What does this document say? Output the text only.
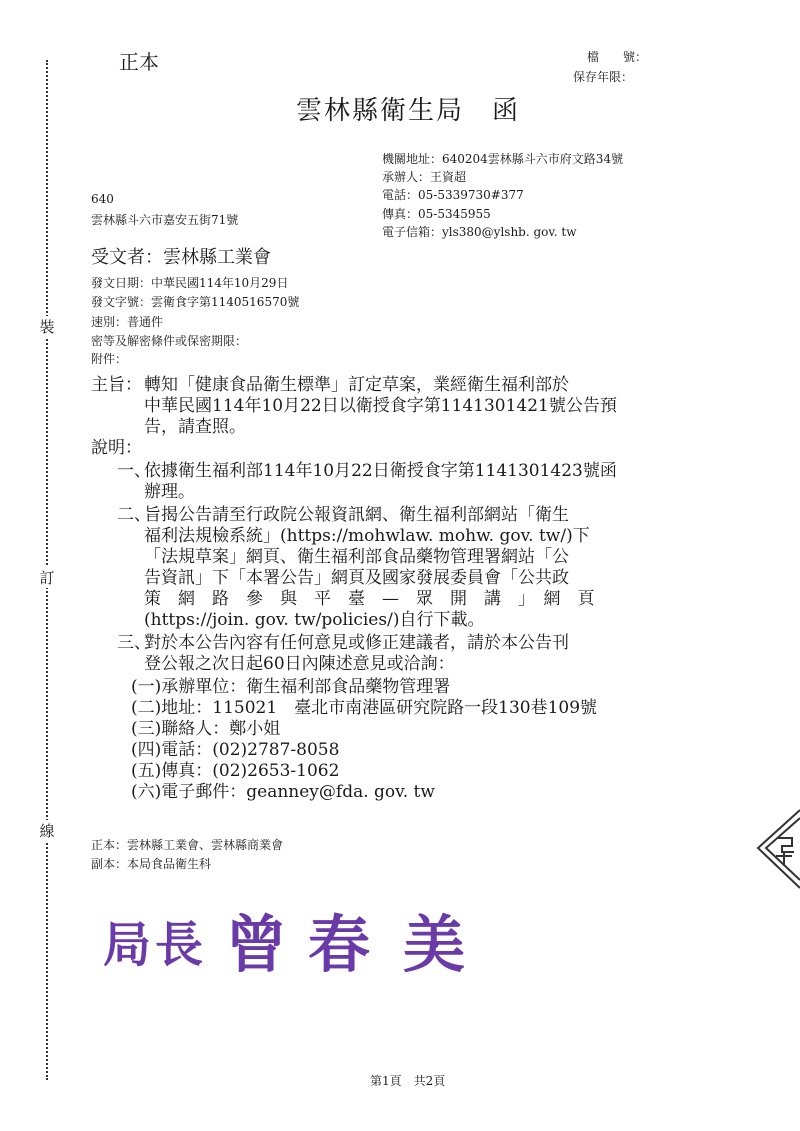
裝
訂
線
正本	檔　　號：
保存年限：
雲林縣衛生局　函
機關地址：640204雲林縣斗六市府文路34號
承辦人：王資超
電話：05-5339730#377
傳真：05-5345955
電子信箱：yls380@ylshb. gov. tw
640
雲林縣斗六市嘉安五街71號
受文者：雲林縣工業會
發文日期：中華民國114年10月29日
發文字號：雲衛食字第1140516570號
速別：普通件
密等及解密條件或保密期限：
附件：
主旨： 轉知「健康食品衛生標準」訂定草案，業經衛生福利部於
中華民國114年10月22日以衛授食字第1141301421號公告預
告，請查照。
說明：
一、
依據衛生福利部114年10月22日衛授食字第1141301423號函
辦理。
二、
旨揭公告請至行政院公報資訊網、衛生福利部網站「衛生
福利法規檢系統」(https://mohwlaw. mohw. gov. tw/)下
「法規草案」網頁、衛生福利部食品藥物管理署網站「公
告資訊」下「本署公告」網頁及國家發展委員會「公共政
策　網　路　參　與　平　臺　—　眾　開　講　」　網　頁
(https://join. gov. tw/policies/)自行下載。
三、
對於本公告內容有任何意見或修正建議者，請於本公告刊
登公報之次日起60日內陳述意見或洽詢：
(一)承辦單位：衛生福利部食品藥物管理署
(二)地址：115021　臺北市南港區研究院路一段130巷109號
(三)聯絡人：鄭小姐
(四)電話：(02)2787-8058
(五)傳真：(02)2653-1062
(六)電子郵件：geanney@fda. gov. tw
正本：雲林縣工業會、雲林縣商業會
副本：本局食品衛生科
局 長 曾 春 美
第1頁　共2頁
